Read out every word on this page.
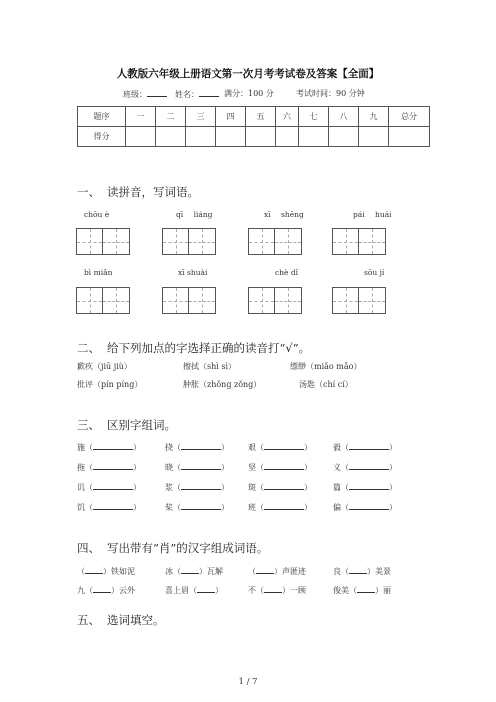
人教版六年级上册语文第一次月考考试卷及答案【全面】
班级：	姓名：	满分：100 分	考试时间：90 分钟
题序	一	二	三	四	五	六	七	八	九	总分
得分										
一、 读拼音，写词语。
chōu è	qī liáng	xī shēng	pái huái
bì miǎn	xī shuài	chè dǐ	sōu jí
二、 给下列加点的字选择正确的读音打“√”。
歉疚（jiū jiù）	擦拭（shì sì）	缥缈（miǎo mǎo）
批评（pín píng）	肿胀（zhǒng zǒng）	汤匙（chí cí）
三、 区别字组词。
施（	）	挠（	） 艰（	）	毅（	）
拖（	）	晓（	） 坚（	）	义（	）
讥（	）	浆（	） 斑（	）	篇（	）
饥（	）	桨（	） 班（	）	偏（	）
四、 写出带有“肖”的汉字组成词语。
（ ）铁如泥	冰（ ）瓦解	（ ）声匿迹	良（ ）美景
九（ ）云外	喜上眉（ ）	不（ ）一顾	俊美（ ）丽
五、 选词填空。
1 / 7
